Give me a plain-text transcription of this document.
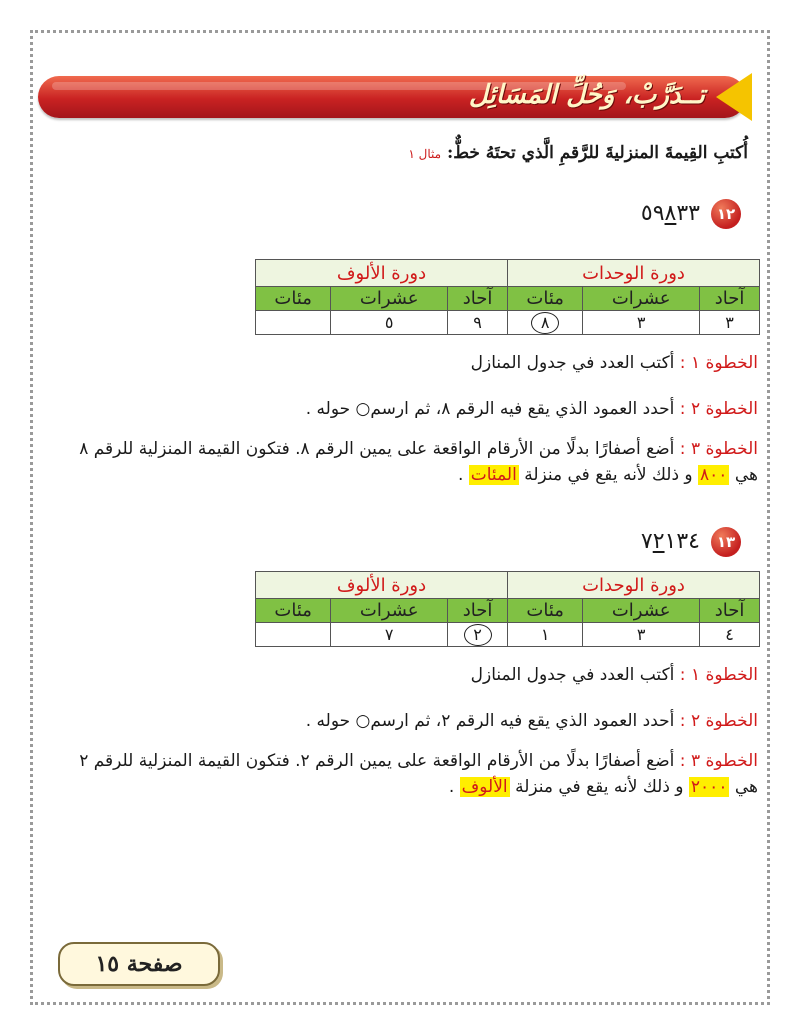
تــدَرَّبْ، وَحُلِّ المَسَائِل
أُكتبِ القِيمةَ المنزليةَ للرَّقمِ الَّذي تحتَهُ خطٌّ: مثال ١
١٢
٥٩٨٣٣
دورة الوحدات			دورة الألوف		
آحاد	عشرات	مئات	آحاد	عشرات	مئات
٣	٣	٨	٩	٥	
الخطوة ١ : أكتب العدد في جدول المنازل
الخطوة ٢ : أحدد العمود الذي يقع فيه الرقم ٨، ثم ارسم○ حوله .
الخطوة ٣ : أضع أصفارًا بدلًا من الأرقام الواقعة على يمين الرقم ٨. فتكون القيمة المنزلية للرقم ٨ هي ٨٠٠ و ذلك لأنه يقع في منزلة المئات .
١٣
٧٢١٣٤
دورة الوحدات			دورة الألوف		
آحاد	عشرات	مئات	آحاد	عشرات	مئات
٤	٣	١	٢	٧	
الخطوة ١ : أكتب العدد في جدول المنازل
الخطوة ٢ : أحدد العمود الذي يقع فيه الرقم ٢، ثم ارسم○ حوله .
الخطوة ٣ : أضع أصفارًا بدلًا من الأرقام الواقعة على يمين الرقم ٢. فتكون القيمة المنزلية للرقم ٢ هي ٢٠٠٠ و ذلك لأنه يقع في منزلة الألوف .
صفحة ١٥
